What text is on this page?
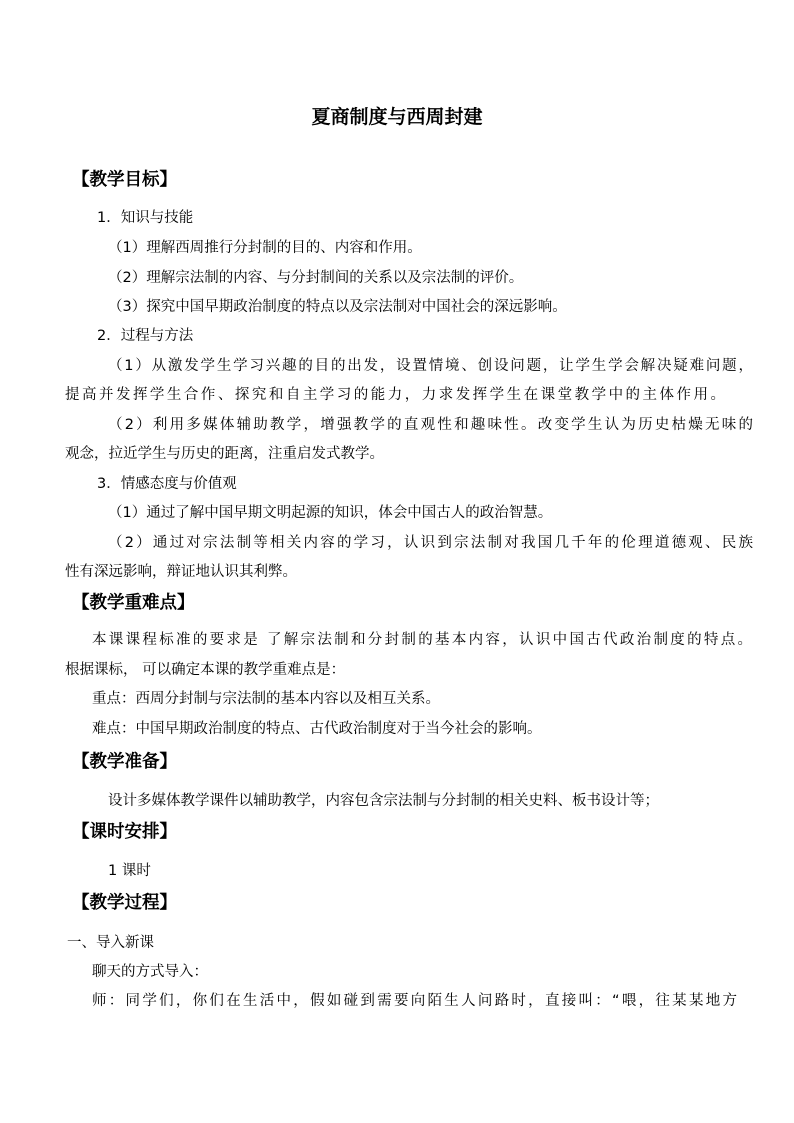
夏商制度与西周封建
【教学目标】
1．知识与技能
（1）理解西周推行分封制的目的、内容和作用。
（2）理解宗法制的内容、与分封制间的关系以及宗法制的评价。
（3）探究中国早期政治制度的特点以及宗法制对中国社会的深远影响。
2．过程与方法
（1）从激发学生学习兴趣的目的出发，设置情境、创设问题，让学生学会解决疑难问题，
提高并发挥学生合作、探究和自主学习的能力，力求发挥学生在课堂教学中的主体作用。
（2）利用多媒体辅助教学，增强教学的直观性和趣味性。改变学生认为历史枯燥无味的
观念，拉近学生与历史的距离，注重启发式教学。
3．情感态度与价值观
（1）通过了解中国早期文明起源的知识，体会中国古人的政治智慧。
（2）通过对宗法制等相关内容的学习，认识到宗法制对我国几千年的伦理道德观、民族
性有深远影响，辩证地认识其利弊。
【教学重难点】
本课课程标准的要求是 了解宗法制和分封制的基本内容，认识中国古代政治制度的特点。
根据课标， 可以确定本课的教学重难点是：
重点：西周分封制与宗法制的基本内容以及相互关系。
难点：中国早期政治制度的特点、古代政治制度对于当今社会的影响。
【教学准备】
设计多媒体教学课件以辅助教学，内容包含宗法制与分封制的相关史料、板书设计等；
【课时安排】
1 课时
【教学过程】
一、导入新课
聊天的方式导入：
师：同学们，你们在生活中，假如碰到需要向陌生人问路时，直接叫：“喂，往某某地方
